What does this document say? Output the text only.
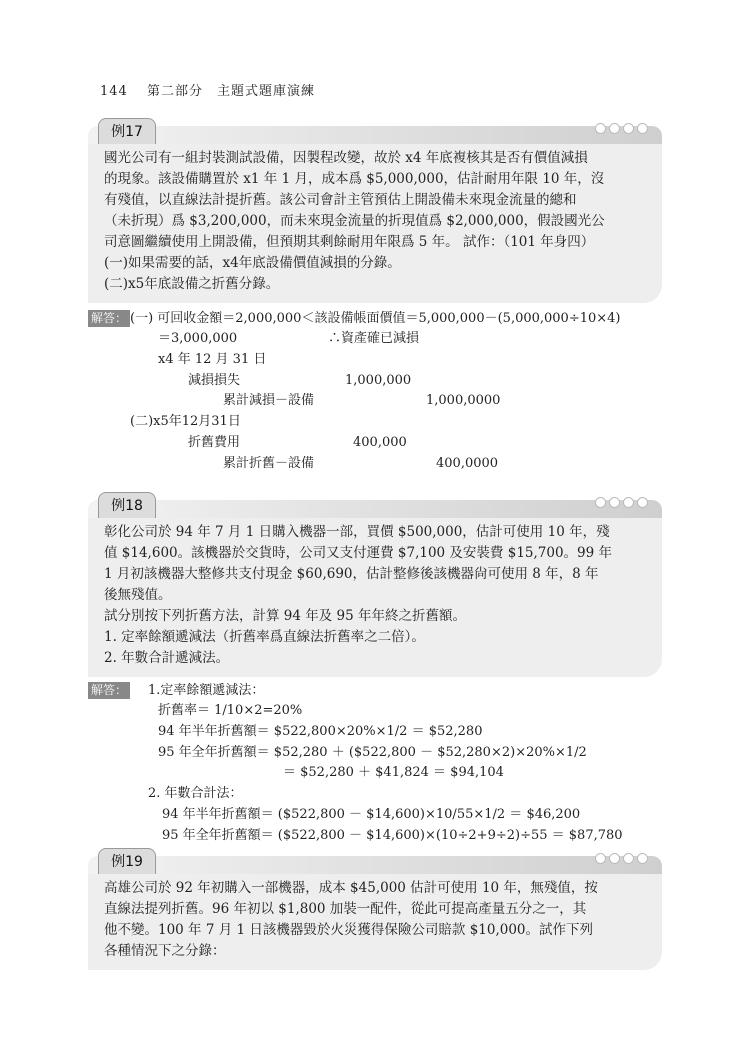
144 第二部分　主題式題庫演練
例17

國光公司有一組封裝測試設備，因製程改變，故於 x4 年底複核其是否有價值減損

的現象。該設備購置於 x1 年 1 月，成本爲 $5,000,000，估計耐用年限 10 年，沒

有殘值，以直線法計提折舊。該公司會計主管預估上開設備未來現金流量的總和

（未折現）爲 $3,200,000，而未來現金流量的折現值爲 $2,000,000，假設國光公

司意圖繼續使用上開設備，但預期其剩餘耐用年限爲 5 年。 試作：（101 年身四）

(一)如果需要的話，x4年底設備價值減損的分錄。

(二)x5年底設備之折舊分錄。

解答： (一) 可回收金額＝2,000,000＜該設備帳面價值＝5,000,000－(5,000,000÷10×4)
＝3,000,000	∴資產確已減損
x4 年 12 月 31 日
減損損失	1,000,000
累計減損－設備	1,000,0000
(二)x5年12月31日
折舊費用	400,000
累計折舊－設備	400,0000
例18

彰化公司於 94 年 7 月 1 日購入機器一部，買價 $500,000，估計可使用 10 年，殘

值 $14,600。該機器於交貨時，公司又支付運費 $7,100 及安裝費 $15,700。99 年

1 月初該機器大整修共支付現金 $60,690，估計整修後該機器尙可使用 8 年，8 年

後無殘值。

試分別按下列折舊方法，計算 94 年及 95 年年終之折舊額。

1. 定率餘額遞減法（折舊率爲直線法折舊率之二倍）。

2. 年數合計遞減法。

解答： 1.定率餘額遞減法：
折舊率＝ 1/10×2=20%
94 年半年折舊額＝ $522,800×20%×1/2 ＝ $52,280
95 年全年折舊額＝ $52,280 ＋ ($522,800 － $52,280×2)×20%×1/2
＝ $52,280 ＋ $41,824 ＝ $94,104
2. 年數合計法：
94 年半年折舊額＝ ($522,800 － $14,600)×10/55×1/2 ＝ $46,200
95 年全年折舊額＝ ($522,800 － $14,600)×(10÷2+9÷2)÷55 ＝ $87,780
例19

高雄公司於 92 年初購入一部機器，成本 $45,000 估計可使用 10 年，無殘值，按

直線法提列折舊。96 年初以 $1,800 加裝一配件，從此可提高產量五分之一，其

他不變。100 年 7 月 1 日該機器毀於火災獲得保險公司賠款 $10,000。試作下列

各種情況下之分錄：
